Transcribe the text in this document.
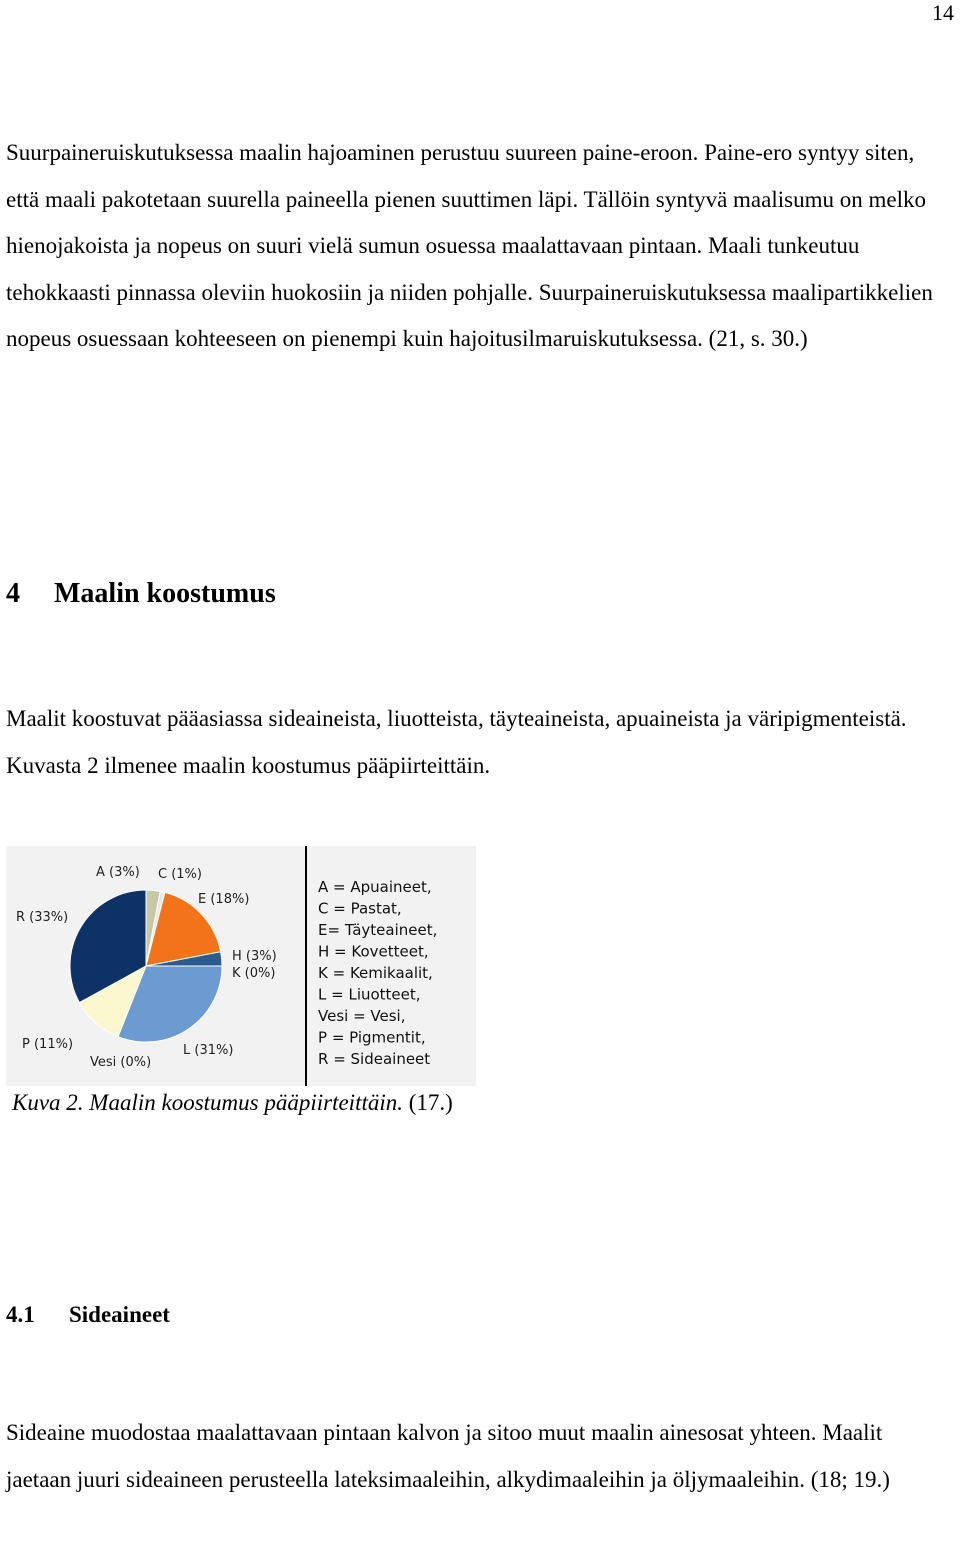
14

Suurpaineruiskutuksessa maalin hajoaminen perustuu suureen paine-eroon. Paine-ero syntyy siten, että maali pakotetaan suurella paineella pienen suuttimen läpi. Tällöin syntyvä maalisumu on melko hienojakoista ja nopeus on suuri vielä sumun osuessa maalattavaan pintaan. Maali tunkeutuu tehokkaasti pinnassa oleviin huokosiin ja niiden pohjalle. Suurpaineruiskutuksessa maalipartikkelien nopeus osuessaan kohteeseen on pienempi kuin hajoitusilmaruiskutuksessa. (21, s. 30.)

4 Maalin koostumus

Maalit koostuvat pääasiassa sideaineista, liuotteista, täyteaineista, apuaineista ja väripigmenteistä. Kuvasta 2 ilmenee maalin koostumus pääpiirteittäin.

A (3%) C (1%)
E (18%)
H (3%)
K (0%)
L (31%)
Vesi (0%)
P (11%)
R (33%)
A = Apuaineet,
C = Pastat,
E= Täyteaineet,
H = Kovetteet,
K = Kemikaalit,
L = Liuotteet,
Vesi = Vesi,
P = Pigmentit,
R = Sideaineet
Kuva 2. Maalin koostumus pääpiirteittäin. (17.)
4.1 Sideaineet

Sideaine muodostaa maalattavaan pintaan kalvon ja sitoo muut maalin ainesosat yhteen. Maalit jaetaan juuri sideaineen perusteella lateksimaaleihin, alkydimaaleihin ja öljymaaleihin. (18; 19.)
